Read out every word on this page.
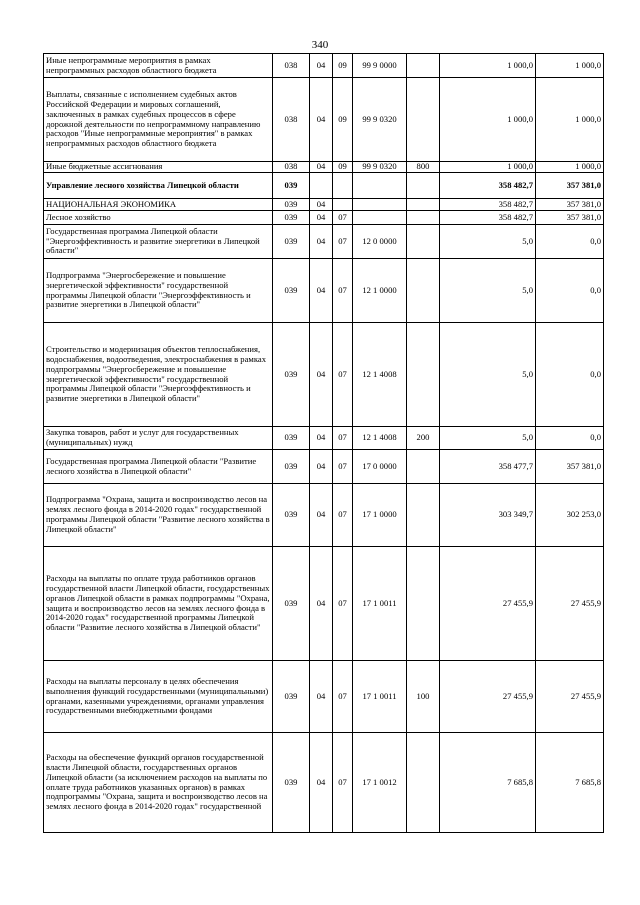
340
Иные непрограммные мероприятия в рамках непрограммных расходов областного бюджета	038	04	09	99 9 0000		1 000,0	1 000,0
Выплаты, связанные с исполнением судебных актов Российской Федерации и мировых соглашений, заключенных в рамках судебных процессов в сфере дорожной деятельности по непрограммному направлению расходов "Иные непрограммные мероприятия" в рамках непрограммных расходов областного бюджета	038	04	09	99 9 0320		1 000,0	1 000,0
Иные бюджетные ассигнования	038	04	09	99 9 0320	800	1 000,0	1 000,0
Управление лесного хозяйства Липецкой области	039					358 482,7	357 381,0
НАЦИОНАЛЬНАЯ ЭКОНОМИКА	039	04				358 482,7	357 381,0
Лесное хозяйство	039	04	07			358 482,7	357 381,0
Государственная программа Липецкой области "Энергоэффективность и развитие энергетики в Липецкой области"	039	04	07	12 0 0000		5,0	0,0
Подпрограмма "Энергосбережение и повышение энергетической эффективности" государственной программы Липецкой области "Энергоэффективность и развитие энергетики в Липецкой области"	039	04	07	12 1 0000		5,0	0,0
Строительство и модернизация объектов теплоснабжения, водоснабжения, водоотведения, электроснабжения в рамках подпрограммы "Энергосбережение и повышение энергетической эффективности" государственной программы Липецкой области "Энергоэффективность и развитие энергетики в Липецкой области"	039	04	07	12 1 4008		5,0	0,0
Закупка товаров, работ и услуг для государственных (муниципальных) нужд	039	04	07	12 1 4008	200	5,0	0,0
Государственная программа Липецкой области "Развитие лесного хозяйства в Липецкой области"	039	04	07	17 0 0000		358 477,7	357 381,0
Подпрограмма "Охрана, защита и воспроизводство лесов на землях лесного фонда в 2014-2020 годах" государственной программы Липецкой области "Развитие лесного хозяйства в Липецкой области"	039	04	07	17 1 0000		303 349,7	302 253,0
Расходы на выплаты по оплате труда работников органов государственной власти Липецкой области, государственных органов Липецкой области в рамках подпрограммы "Охрана, защита и воспроизводство лесов на землях лесного фонда в 2014-2020 годах" государственной программы Липецкой области "Развитие лесного хозяйства в Липецкой области"	039	04	07	17 1 0011		27 455,9	27 455,9
Расходы на выплаты персоналу в целях обеспечения выполнения функций государственными (муниципальными) органами, казенными учреждениями, органами управления государственными внебюджетными фондами	039	04	07	17 1 0011	100	27 455,9	27 455,9
Расходы на обеспечение функций органов государственной власти Липецкой области, государственных органов Липецкой области (за исключением расходов на выплаты по оплате труда работников указанных органов) в рамках подпрограммы "Охрана, защита и воспроизводство лесов на землях лесного фонда в 2014-2020 годах" государственной	039	04	07	17 1 0012		7 685,8	7 685,8
